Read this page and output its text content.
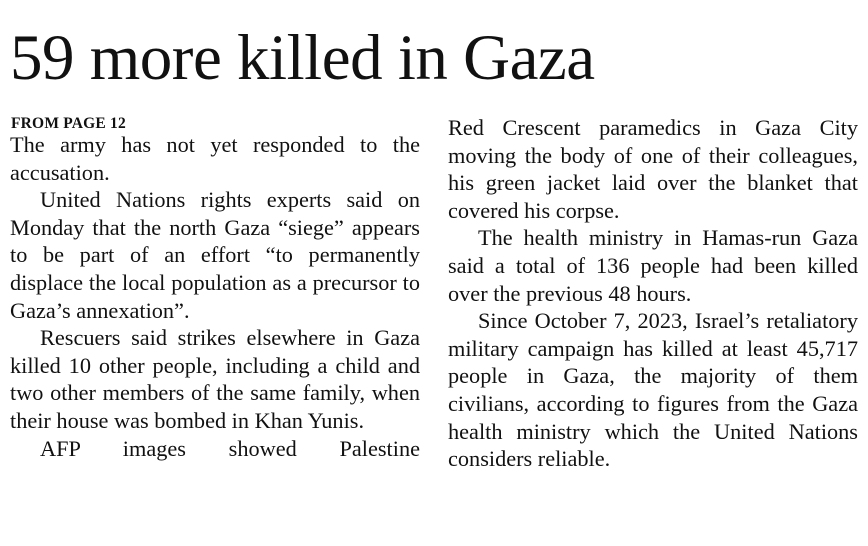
59 more killed in Gaza
FROM PAGE 12

The army has not yet responded to the accusation.

United Nations rights experts said on Monday that the north Gaza “siege” appears to be part of an effort “to permanently displace the local population as a precursor to Gaza’s annexation”.

Rescuers said strikes elsewhere in Gaza killed 10 other people, including a child and two other members of the same family, when their house was bombed in Khan Yunis.

AFP images showed Palestine

Red Crescent paramedics in Gaza City moving the body of one of their colleagues, his green jacket laid over the blanket that covered his corpse.

The health ministry in Hamas-run Gaza said a total of 136 people had been killed over the previous 48 hours.

Since October 7, 2023, Israel’s retaliatory military campaign has killed at least 45,717 people in Gaza, the majority of them civilians, according to figures from the Gaza health ministry which the United Nations considers reliable.
